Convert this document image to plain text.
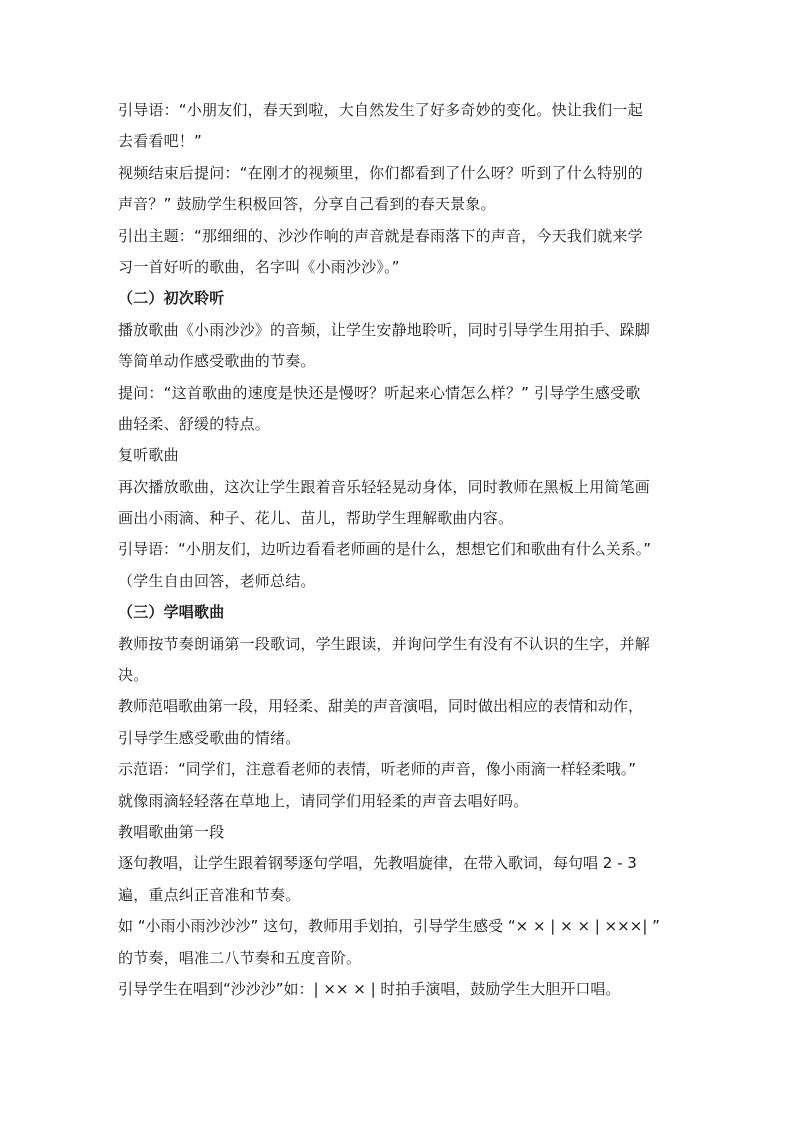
引导语：“小朋友们，春天到啦，大自然发生了好多奇妙的变化。快让我们一起
去看看吧！”
视频结束后提问：“在刚才的视频里，你们都看到了什么呀？听到了什么特别的
声音？” 鼓励学生积极回答，分享自己看到的春天景象。
引出主题：“那细细的、沙沙作响的声音就是春雨落下的声音，今天我们就来学
习一首好听的歌曲，名字叫《小雨沙沙》。”
（二）初次聆听
播放歌曲《小雨沙沙》的音频，让学生安静地聆听，同时引导学生用拍手、跺脚
等简单动作感受歌曲的节奏。
提问：“这首歌曲的速度是快还是慢呀？听起来心情怎么样？” 引导学生感受歌
曲轻柔、舒缓的特点。
复听歌曲
再次播放歌曲，这次让学生跟着音乐轻轻晃动身体，同时教师在黑板上用简笔画
画出小雨滴、种子、花儿、苗儿，帮助学生理解歌曲内容。
引导语：“小朋友们，边听边看看老师画的是什么，想想它们和歌曲有什么关系。”
（学生自由回答，老师总结。
（三）学唱歌曲
教师按节奏朗诵第一段歌词，学生跟读，并询问学生有没有不认识的生字，并解
决。
教师范唱歌曲第一段，用轻柔、甜美的声音演唱，同时做出相应的表情和动作，
引导学生感受歌曲的情绪。
示范语：“同学们，注意看老师的表情，听老师的声音，像小雨滴一样轻柔哦。”
就像雨滴轻轻落在草地上，请同学们用轻柔的声音去唱好吗。
教唱歌曲第一段
逐句教唱，让学生跟着钢琴逐句学唱，先教唱旋律，在带入歌词，每句唱 2 - 3
遍，重点纠正音准和节奏。
如 “小雨小雨沙沙沙” 这句，教师用手划拍，引导学生感受 “× × | × × | ×××| ”
的节奏，唱准二八节奏和五度音阶。
引导学生在唱到“沙沙沙”如：| ×× × | 时拍手演唱，鼓励学生大胆开口唱。
